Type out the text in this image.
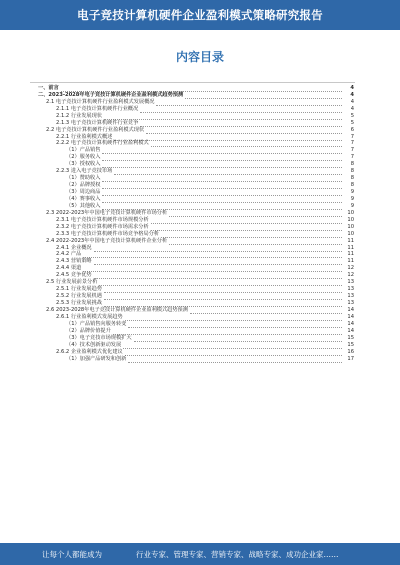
电子竞技计算机硬件企业盈利模式策略研究报告
内容目录
一、前言	4
二、2023-2028年电子竞技计算机硬件企业盈利模式趋势预测	4
2.1 电子竞技计算机硬件行业盈利模式发展概况	4
2.1.1 电子竞技计算机硬件行业概况	4
2.1.2 行业发展现状	5
2.1.3 电子竞技计算机硬件行业竞争	5
2.2 电子竞技计算机硬件行业盈利模式现状	6
2.2.1 行业盈利模式概述	7
2.2.2 电子竞技计算机硬件行业盈利模式	7
（1）产品销售	7
（2）服务收入	7
（3）授权收入	8
2.2.3 进入电子竞技市场	8
（1）赞助收入	8
（2）品牌授权	8
（3）周边商品	9
（4）赛事收入	9
（5）其他收入	9
2.3 2022-2023年中国电子竞技计算机硬件市场分析	10
2.3.1 电子竞技计算机硬件市场规模分析	10
2.3.2 电子竞技计算机硬件市场需求分析	10
2.3.3 电子竞技计算机硬件市场竞争格局分析	10
2.4 2022-2023年中国电子竞技计算机硬件企业分析	11
2.4.1 企业概况	11
2.4.2 产品	11
2.4.3 营销策略	11
2.4.4 渠道	12
2.4.5 竞争优势	12
2.5 行业发展前景分析	13
2.5.1 行业发展趋势	13
2.5.2 行业发展机遇	13
2.5.3 行业发展挑战	13
2.6 2023-2028年电子竞技计算机硬件企业盈利模式趋势预测	14
2.6.1 行业盈利模式发展趋势	14
（1）产品销售向服务转变	14
（2）品牌价值提升	14
（3）电子竞技市场规模扩大	15
（4）技术创新驱动发展	15
2.6.2 企业盈利模式优化建议	16
（1）加强产品研发和创新	17
让每个人都能成为	行业专家、管理专家、营销专家、战略专家、成功企业家……
